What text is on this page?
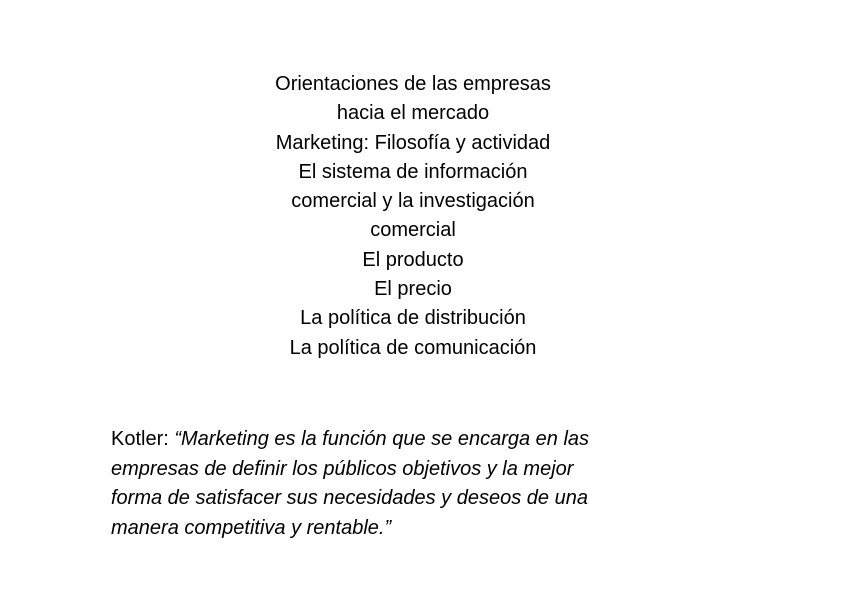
Orientaciones de las empresas
hacia el mercado
Marketing: Filosofía y actividad
El sistema de información
comercial y la investigación
comercial
El producto
El precio
La política de distribución
La política de comunicación
Kotler: “Marketing es la función que se encarga en las
empresas de definir los públicos objetivos y la mejor
forma de satisfacer sus necesidades y deseos de una
manera competitiva y rentable.”
